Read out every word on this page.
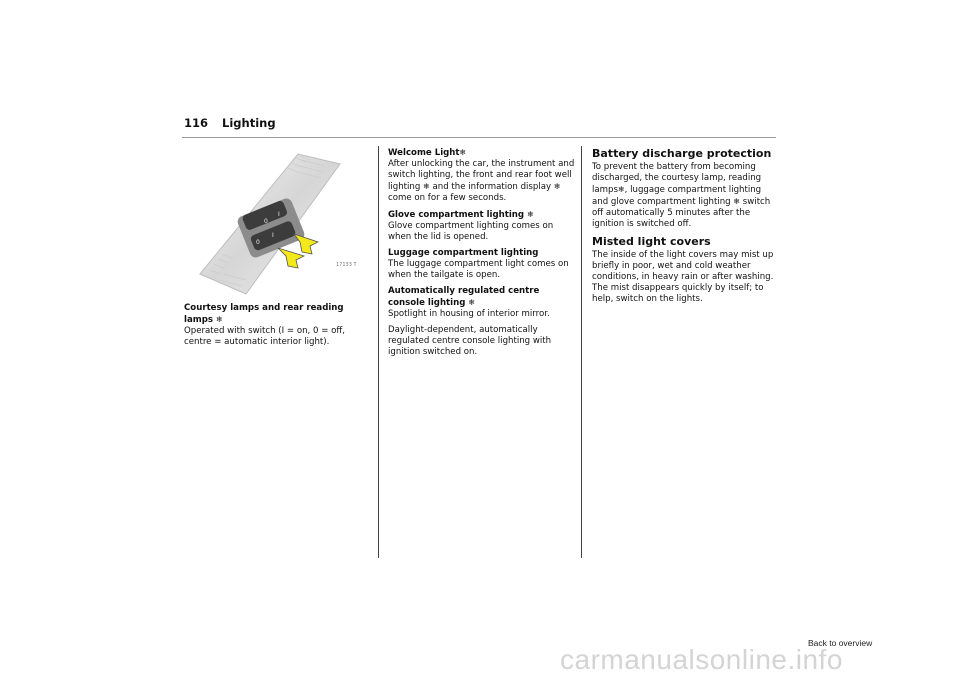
116 Lighting
0
0
I
I
17133 T
Courtesy lamps and rear reading lamps ❄
Operated with switch (I = on, 0 = off, centre = automatic interior light).

Welcome Light❄
After unlocking the car, the instrument and switch lighting, the front and rear foot well lighting ❄ and the information display ❄ come on for a few seconds.

Glove compartment lighting ❄
Glove compartment lighting comes on when the lid is opened.

Luggage compartment lighting
The luggage compartment light comes on when the tailgate is open.

Automatically regulated centre console lighting ❄
Spotlight in housing of interior mirror.

Daylight-dependent, automatically regulated centre console lighting with ignition switched on.

Battery discharge protection

To prevent the battery from becoming discharged, the courtesy lamp, reading lamps❄, luggage compartment lighting and glove compartment lighting ❄ switch off automatically 5 minutes after the ignition is switched off.

Misted light covers

The inside of the light covers may mist up briefly in poor, wet and cold weather conditions, in heavy rain or after washing. The mist disappears quickly by itself; to help, switch on the lights.

Back to overview
carmanualsonline.info
